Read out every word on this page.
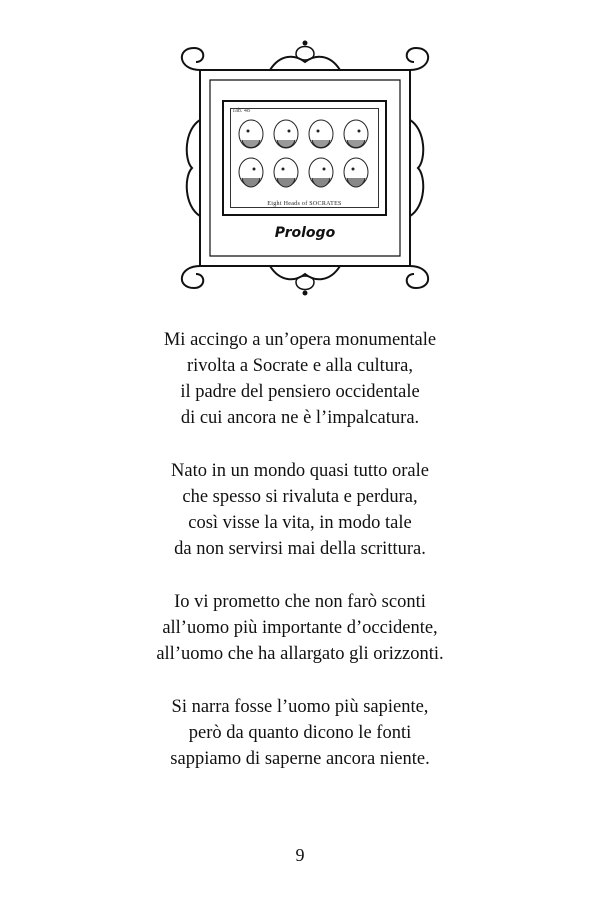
Tab. 48
Eight Heads of SOCRATES
Prologo
Mi accingo a un’opera monumentale
rivolta a Socrate e alla cultura,
il padre del pensiero occidentale
di cui ancora ne è l’impalcatura.
Nato in un mondo quasi tutto orale
che spesso si rivaluta e perdura,
così visse la vita, in modo tale
da non servirsi mai della scrittura.
Io vi prometto che non farò sconti
all’uomo più importante d’occidente,
all’uomo che ha allargato gli orizzonti.
Si narra fosse l’uomo più sapiente,
però da quanto dicono le fonti
sappiamo di saperne ancora niente.
9
